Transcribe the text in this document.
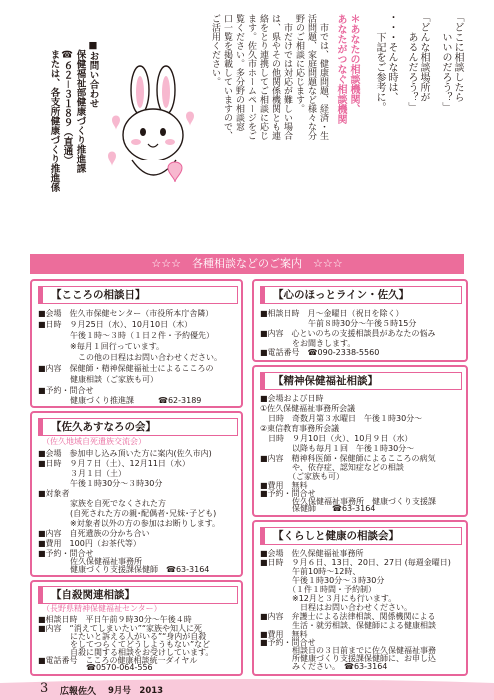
「どこに相談したら
　　いいのだろう？」
「どんな相談場所が
　　あるんだろう？」
・・・そんな時は、
　　下記をご参考に。
＊あなたの相談機関、
あなたがつなぐ相談機関
　市では、健康問題、経済・生
活問題、家庭問題など様々な分
野のご相談に応じます。
　市だけでは対応が難しい場合
は、県やその他関係機関とも連
絡をとり連携してご相談に応じ
ます。佐久市ホームページをご
覧ください。多分野の相談窓
口一覧を掲載していますので、
ご活用ください。
■お問い合わせ
　保健福祉部健康づくり推進課
　☎６２－３１８９（直通）
　または、各支所健康づくり推進係
☆☆☆　各種相談などのご案内　☆☆☆
【こころの相談日】
■会場　佐久市保健センター（市役所本庁舎隣）
■日時　９月25日（水）、10月10日（木）
　　　　午後１時～３時（１日２件・予約優先）
　　　　※毎月１回行っています。
　　　　　この他の日程はお問い合わせください。
■内容　保健師・精神保健福祉士によるこころの
　　　　健康相談（ご家族も可）
■予約・問合せ
　　　　健康づくり推進課　　　☎62-3189
【佐久あすなろの会】
（佐久地域自死遺族交流会）
■会場　参加申し込み頂いた方に案内(佐久市内)
■日時　９月７日（土）、12月11日（水）
　　　　３月１日（土）
　　　　午後１時30分～３時30分
■対象者
　　　　家族を自死でなくされた方
　　　　(自死された方の親･配偶者･兄妹･子ども)
　　　　※対象者以外の方の参加はお断りします。
■内容　自死遺族の分かち合い
■費用　100円（お茶代等）
■予約・問合せ
　　　　佐久保健福祉事務所
　　　　健康づくり支援課保健師　☎63-3164
【自殺関連相談】
（長野県精神保健福祉センター）
■相談日時　平日午前９時30分～午後４時
■内容　“消えてしまいたい”“家族や知人に死
　　　　にたいと訴える人がいる”“身内が自殺
　　　　をしてつらくてどうしようもない”など
　　　　自殺に関する相談をお受けしています。
■電話番号　こころの健康相談統一ダイヤル
　　　　　　☎0570-064-556
【心のほっとライン・佐久】
■相談日時　月～金曜日（祝日を除く）
　　　　　　午前８時30分～午後５時15分
■内容　心といのちの支援相談員があなたの悩み
　　　　をお聞きします。
■電話番号　☎090-2338-5560
【精神保健福祉相談】
■会場および日時
①佐久保健福祉事務所会議
　日時　奇数月第３水曜日　午後１時30分～
②東信教育事務所会議
　日時　９月10日（火）、10月９日（水）
　　　　以降も毎月１回　午後１時30分～
■内容　精神科医師・保健師によるこころの病気
　　　　や、依存症、認知症などの相談
　　　　（ご家族も可）
■費用　無料
■予約・問合せ
　　　　佐久保健福祉事務所　健康づくり支援課
　　　　保健師　　☎63-3164
【くらしと健康の相談会】
■会場　佐久保健福祉事務所
■日時　９月６日、13日、20日、27日 (毎週金曜日)
　　　　午前10時～12時、
　　　　午後１時30分～３時30分
　　　　（１件１時間・予約制）
　　　　※12月と３月にも行います。
　　　　　日程はお問い合わせください。
■内容　弁護士による法律相談、関係機関による
　　　　生活・就労相談、保健師による健康相談
■費用　無料
■予約・問合せ
　　　　相談日の３日前までに佐久保健福祉事務
　　　　所健康づくり支援課保健師に、お申し込
　　　　みください。　☎63-3164
3 広報佐久 9月号　2013
